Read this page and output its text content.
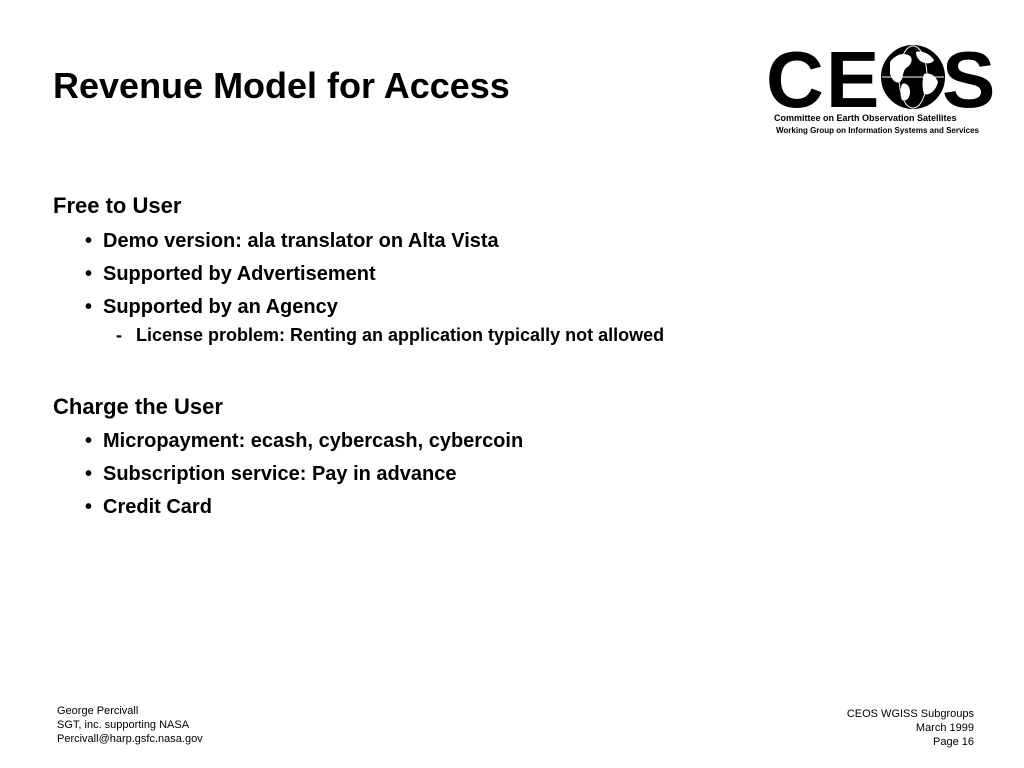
Revenue Model for Access	C E S
Committee on Earth Observation Satellites
Working Group on Information Systems and Services
Free to User
• Demo version: ala translator on Alta Vista
• Supported by Advertisement
• Supported by an Agency
- License problem: Renting an application typically not allowed
Charge the User
• Micropayment: ecash, cybercash, cybercoin
• Subscription service: Pay in advance
• Credit Card
George Percivall
SGT, inc. supporting NASA
Percivall@harp.gsfc.nasa.gov
CEOS WGISS Subgroups
March 1999
Page 16
